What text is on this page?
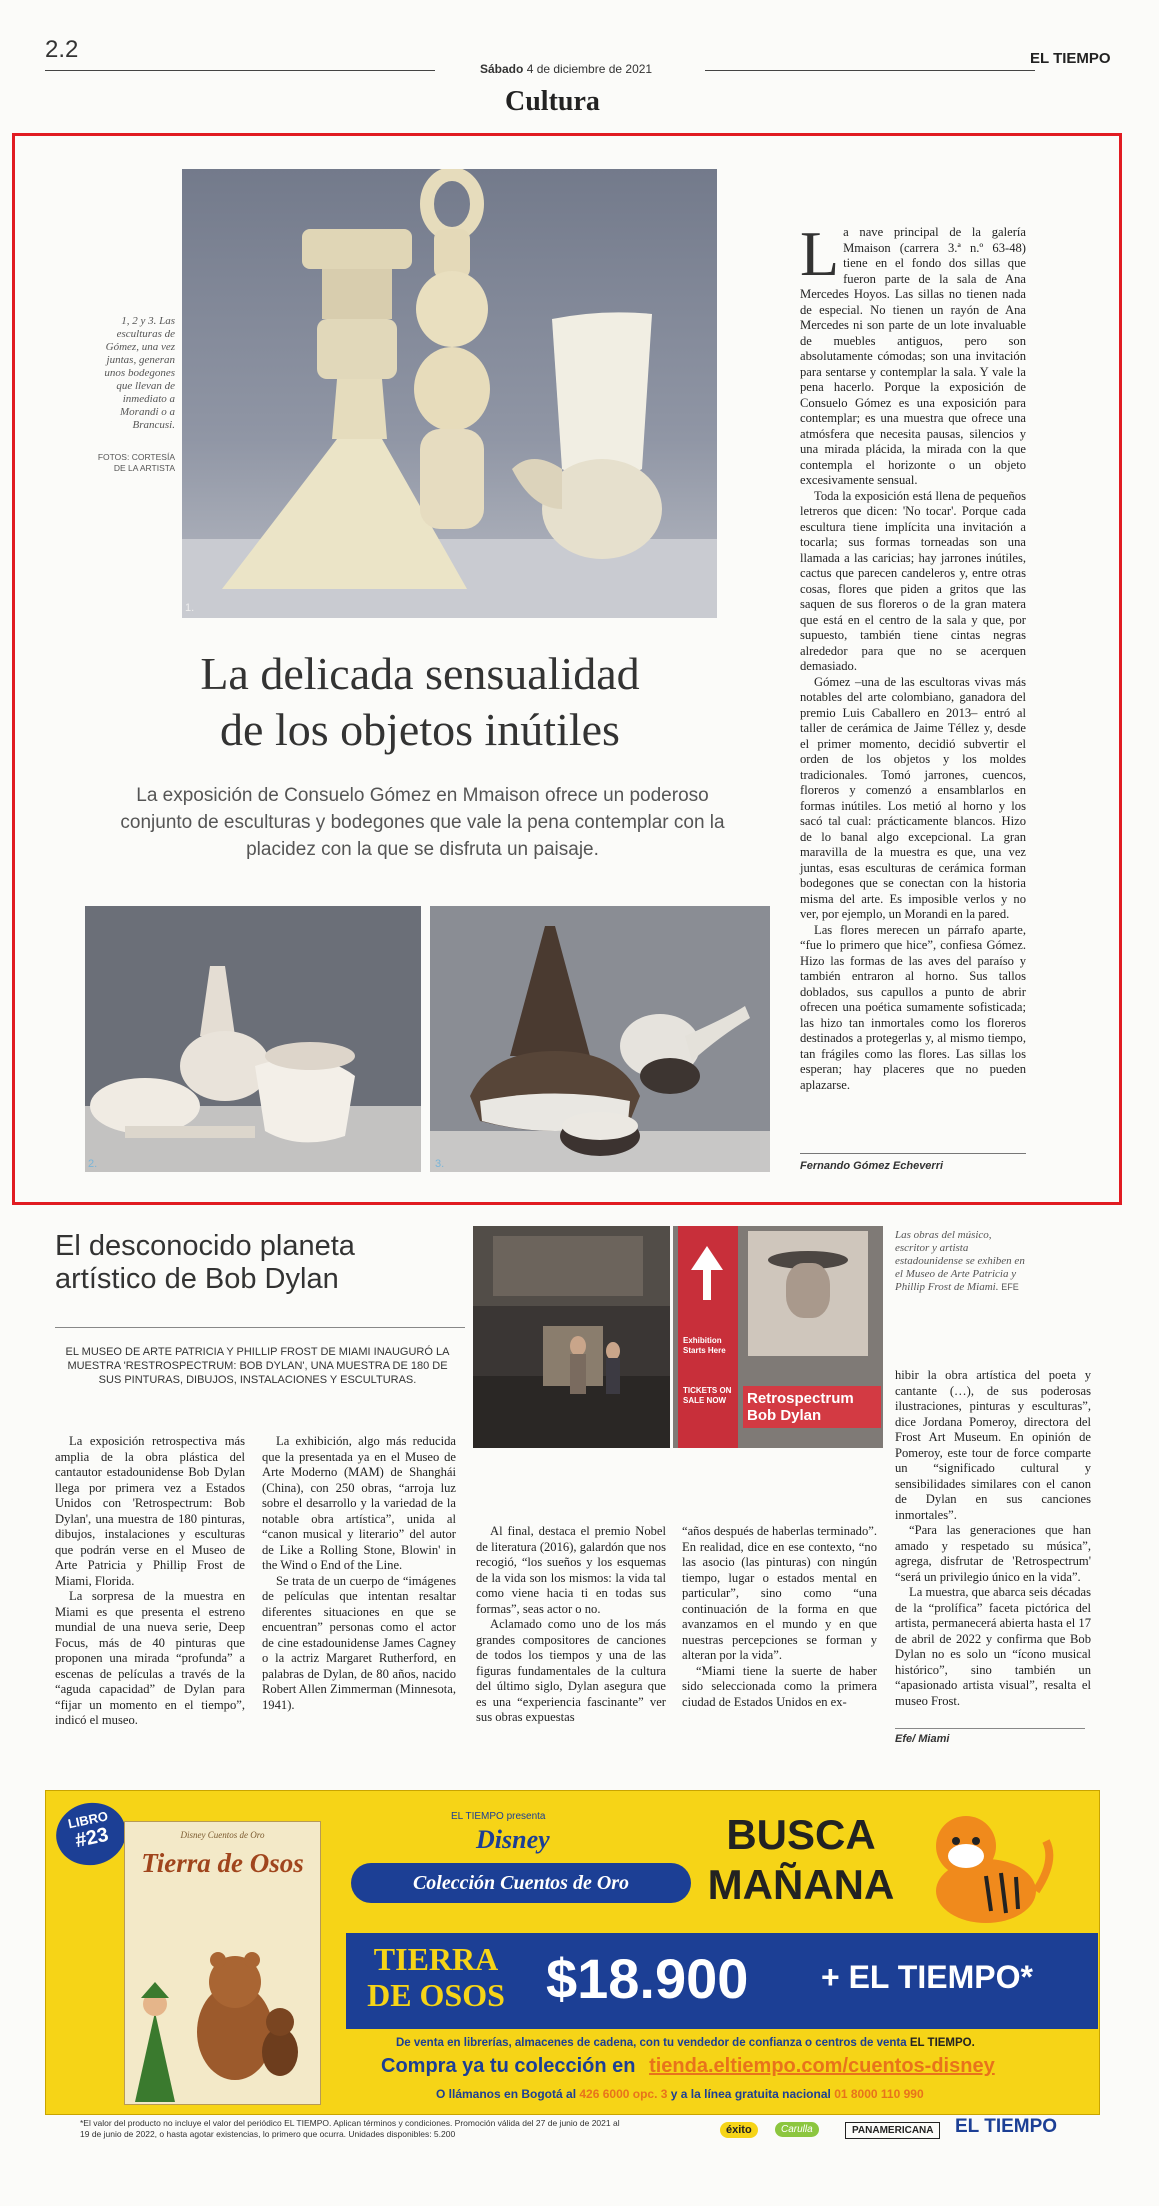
2.2
Sábado 4 de diciembre de 2021
EL TIEMPO
Cultura
1.
1, 2 y 3. Las esculturas de Gómez, una vez juntas, generan unos bodegones que llevan de inmediato a Morandi o a Brancusi.
FOTOS: CORTESÍA DE LA ARTISTA
La delicada sensualidad
de los objetos inútiles
La exposición de Consuelo Gómez en Mmaison ofrece un poderoso conjunto de esculturas y bodegones que vale la pena contemplar con la placidez con la que se disfruta un paisaje.
2.	3.
L a nave principal de la galería Mmaison (carrera 3.ª n.º 63-48) tiene en el fondo dos sillas que fueron parte de la sala de Ana Mercedes Hoyos. Las sillas no tienen nada de especial. No tienen un rayón de Ana Mercedes ni son parte de un lote invaluable de muebles antiguos, pero son absolutamente cómodas; son una invitación para sentarse y contemplar la sala. Y vale la pena hacerlo. Porque la exposición de Consuelo Gómez es una exposición para contemplar; es una muestra que ofrece una atmósfera que necesita pausas, silencios y una mirada plácida, la mirada con la que contempla el horizonte o un objeto excesivamente sensual.

Toda la exposición está llena de pequeños letreros que dicen: 'No tocar'. Porque cada escultura tiene implícita una invitación a tocarla; sus formas torneadas son una llamada a las caricias; hay jarrones inútiles, cactus que parecen candeleros y, entre otras cosas, flores que piden a gritos que las saquen de sus floreros o de la gran matera que está en el centro de la sala y que, por supuesto, también tiene cintas negras alrededor para que no se acerquen demasiado.

Gómez –una de las escultoras vivas más notables del arte colombiano, ganadora del premio Luis Caballero en 2013– entró al taller de cerámica de Jaime Téllez y, desde el primer momento, decidió subvertir el orden de los objetos y los moldes tradicionales. Tomó jarrones, cuencos, floreros y comenzó a ensamblarlos en formas inútiles. Los metió al horno y los sacó tal cual: prácticamente blancos. Hizo de lo banal algo excepcional. La gran maravilla de la muestra es que, una vez juntas, esas esculturas de cerámica forman bodegones que se conectan con la historia misma del arte. Es imposible verlos y no ver, por ejemplo, un Morandi en la pared.

Las flores merecen un párrafo aparte, “fue lo primero que hice”, confiesa Gómez. Hizo las formas de las aves del paraíso y también entraron al horno. Sus tallos doblados, sus capullos a punto de abrir ofrecen una poética sumamente sofisticada; las hizo tan inmortales como los floreros destinados a protegerlas y, al mismo tiempo, tan frágiles como las flores. Las sillas los esperan; hay placeres que no pueden aplazarse.

Fernando Gómez Echeverri
El desconocido planeta
artístico de Bob Dylan
EL MUSEO DE ARTE PATRICIA Y PHILLIP FROST DE MIAMI INAUGURÓ LA MUESTRA 'RESTROSPECTRUM: BOB DYLAN', UNA MUESTRA DE 180 DE SUS PINTURAS, DIBUJOS, INSTALACIONES Y ESCULTURAS.
Exhibition Starts Here
TICKETS ON SALE NOW	Retrospectrum Bob Dylan
Las obras del músico, escritor y artista estadounidense se exhiben en el Museo de Arte Patricia y Phillip Frost de Miami. EFE

La exposición retrospectiva más amplia de la obra plástica del cantautor estadounidense Bob Dylan llega por primera vez a Estados Unidos con 'Retrospectrum: Bob Dylan', una muestra de 180 pinturas, dibujos, instalaciones y esculturas que podrán verse en el Museo de Arte Patricia y Phillip Frost de Miami, Florida.

La sorpresa de la muestra en Miami es que presenta el estreno mundial de una nueva serie, Deep Focus, más de 40 pinturas que proponen una mirada “profunda” a escenas de películas a través de la “aguda capacidad” de Dylan para “fijar un momento en el tiempo”, indicó el museo.

La exhibición, algo más reducida que la presentada ya en el Museo de Arte Moderno (MAM) de Shanghái (China), con 250 obras, “arroja luz sobre el desarrollo y la variedad de la notable obra artística”, unida al “canon musical y literario” del autor de Like a Rolling Stone, Blowin' in the Wind o End of the Line.

Se trata de un cuerpo de “imágenes de películas que intentan resaltar diferentes situaciones en que se encuentran” personas como el actor de cine estadounidense James Cagney o la actriz Margaret Rutherford, en palabras de Dylan, de 80 años, nacido Robert Allen Zimmerman (Minnesota, 1941).

Al final, destaca el premio Nobel de literatura (2016), galardón que nos recogió, “los sueños y los esquemas de la vida son los mismos: la vida tal como viene hacia ti en todas sus formas”, seas actor o no.

Aclamado como uno de los más grandes compositores de canciones de todos los tiempos y una de las figuras fundamentales de la cultura del último siglo, Dylan asegura que es una “experiencia fascinante” ver sus obras expuestas

“años después de haberlas terminado”. En realidad, dice en ese contexto, “no las asocio (las pinturas) con ningún tiempo, lugar o estados mental en particular”, sino como “una continuación de la forma en que avanzamos en el mundo y en que nuestras percepciones se forman y alteran por la vida”.

“Miami tiene la suerte de haber sido seleccionada como la primera ciudad de Estados Unidos en ex-

hibir la obra artística del poeta y cantante (…), de sus poderosas ilustraciones, pinturas y esculturas”, dice Jordana Pomeroy, directora del Frost Art Museum. En opinión de Pomeroy, este tour de force comparte un “significado cultural y sensibilidades similares con el canon de Dylan en sus canciones inmortales”.

“Para las generaciones que han amado y respetado su música”, agrega, disfrutar de 'Retrospectrum' “será un privilegio único en la vida”.

La muestra, que abarca seis décadas de la “prolífica” faceta pictórica del artista, permanecerá abierta hasta el 17 de abril de 2022 y confirma que Bob Dylan no es solo un “ícono musical histórico”, sino también un “apasionado artista visual”, resalta el museo Frost.

Efe/ Miami
LIBRO
#23	Disney Cuentos de Oro
Tierra de Osos
EL TIEMPO presenta
Disney
Colección Cuentos de Oro
BUSCA
MAÑANA
TIERRA DE OSOS $18.900 + EL TIEMPO*
De venta en librerías, almacenes de cadena, con tu vendedor de confianza o centros de venta EL TIEMPO.
Compra ya tu colección en tienda.eltiempo.com/cuentos-disney
O llámanos en Bogotá al 426 6000 opc. 3 y a la línea gratuita nacional 01 8000 110 990
*El valor del producto no incluye el valor del periódico EL TIEMPO. Aplican términos y condiciones. Promoción válida del 27 de junio de 2021 al 19 de junio de 2022, o hasta agotar existencias, lo primero que ocurra. Unidades disponibles: 5.200	éxito	Carulla	PANAMERICANA	EL TIEMPO
